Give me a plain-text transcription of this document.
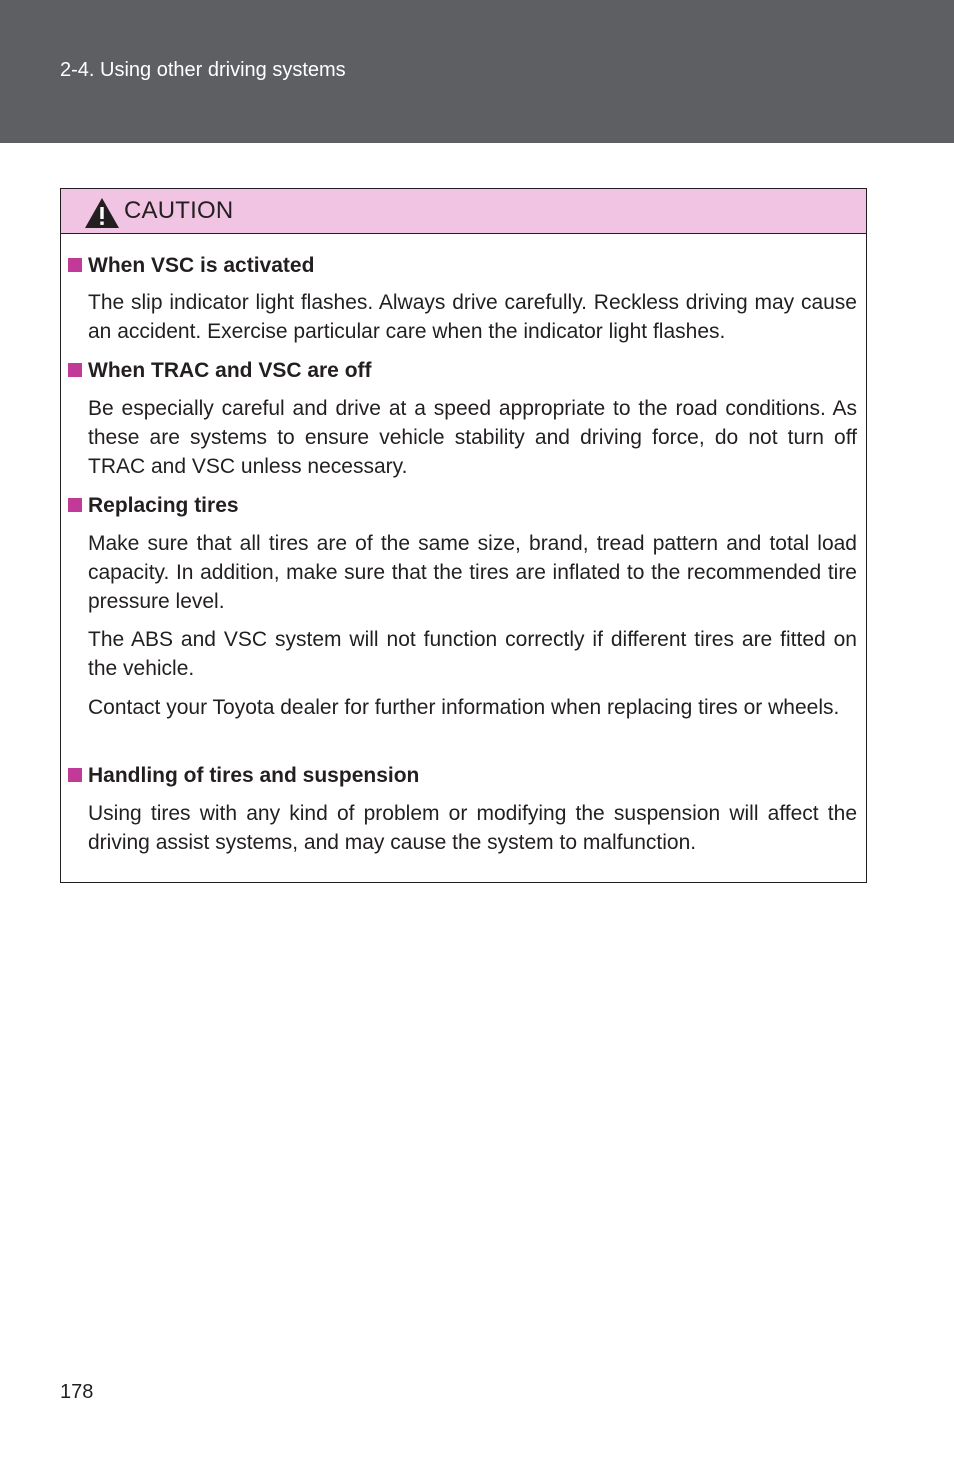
2-4. Using other driving systems
CAUTION
When VSC is activated
The slip indicator light flashes. Always drive carefully. Reckless driving may cause an accident. Exercise particular care when the indicator light flashes.
When TRAC and VSC are off
Be especially careful and drive at a speed appropriate to the road conditions. As these are systems to ensure vehicle stability and driving force, do not turn off TRAC and VSC unless necessary.
Replacing tires
Make sure that all tires are of the same size, brand, tread pattern and total load capacity. In addition, make sure that the tires are inflated to the recommended tire pressure level.
The ABS and VSC system will not function correctly if different tires are fitted on the vehicle.
Contact your Toyota dealer for further information when replacing tires or wheels.
Handling of tires and suspension
Using tires with any kind of problem or modifying the suspension will affect the driving assist systems, and may cause the system to malfunction.
178
